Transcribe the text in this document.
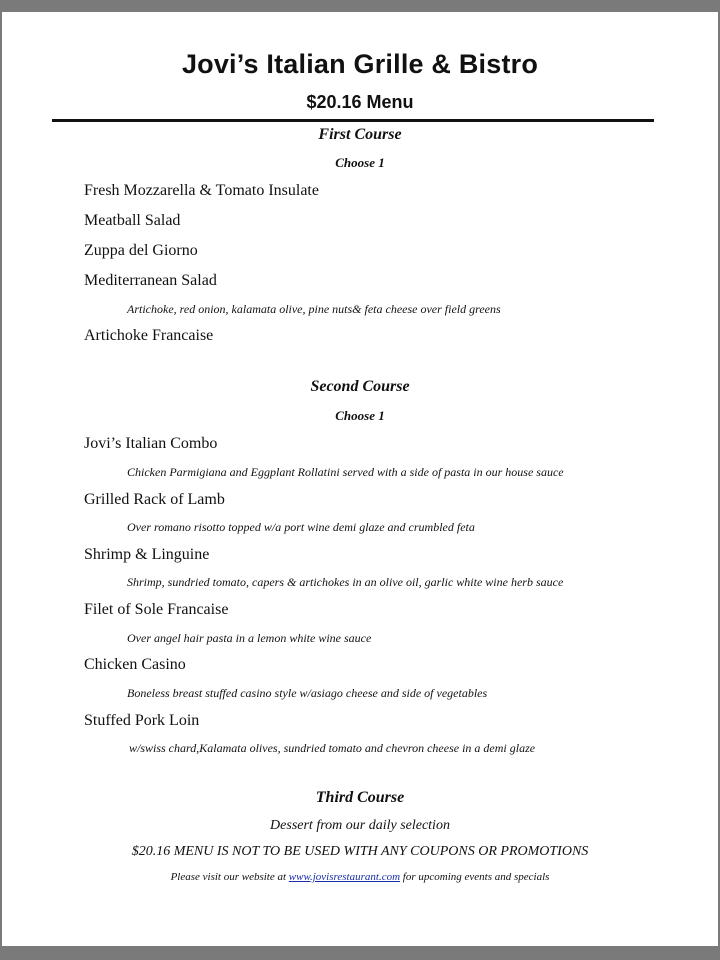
Jovi’s Italian Grille & Bistro
$20.16 Menu
First Course
Choose 1
Fresh Mozzarella & Tomato Insulate
Meatball Salad
Zuppa del Giorno
Mediterranean Salad
Artichoke, red onion, kalamata olive, pine nuts& feta cheese over field greens
Artichoke Francaise
Second Course
Choose 1
Jovi’s Italian Combo
Chicken Parmigiana and Eggplant Rollatini served with a side of pasta in our house sauce
Grilled Rack of Lamb
Over romano risotto topped w/a port wine demi glaze and crumbled feta
Shrimp & Linguine
Shrimp, sundried tomato, capers & artichokes in an olive oil, garlic white wine herb sauce
Filet of Sole Francaise
Over angel hair pasta in a lemon white wine sauce
Chicken Casino
Boneless breast stuffed casino style w/asiago cheese and side of vegetables
Stuffed Pork Loin
w/swiss chard,Kalamata olives, sundried tomato and chevron cheese in a demi glaze
Third Course
Dessert from our daily selection
$20.16 MENU IS NOT TO BE USED WITH ANY COUPONS OR PROMOTIONS
Please visit our website at www.jovisrestaurant.com for upcoming events and specials
